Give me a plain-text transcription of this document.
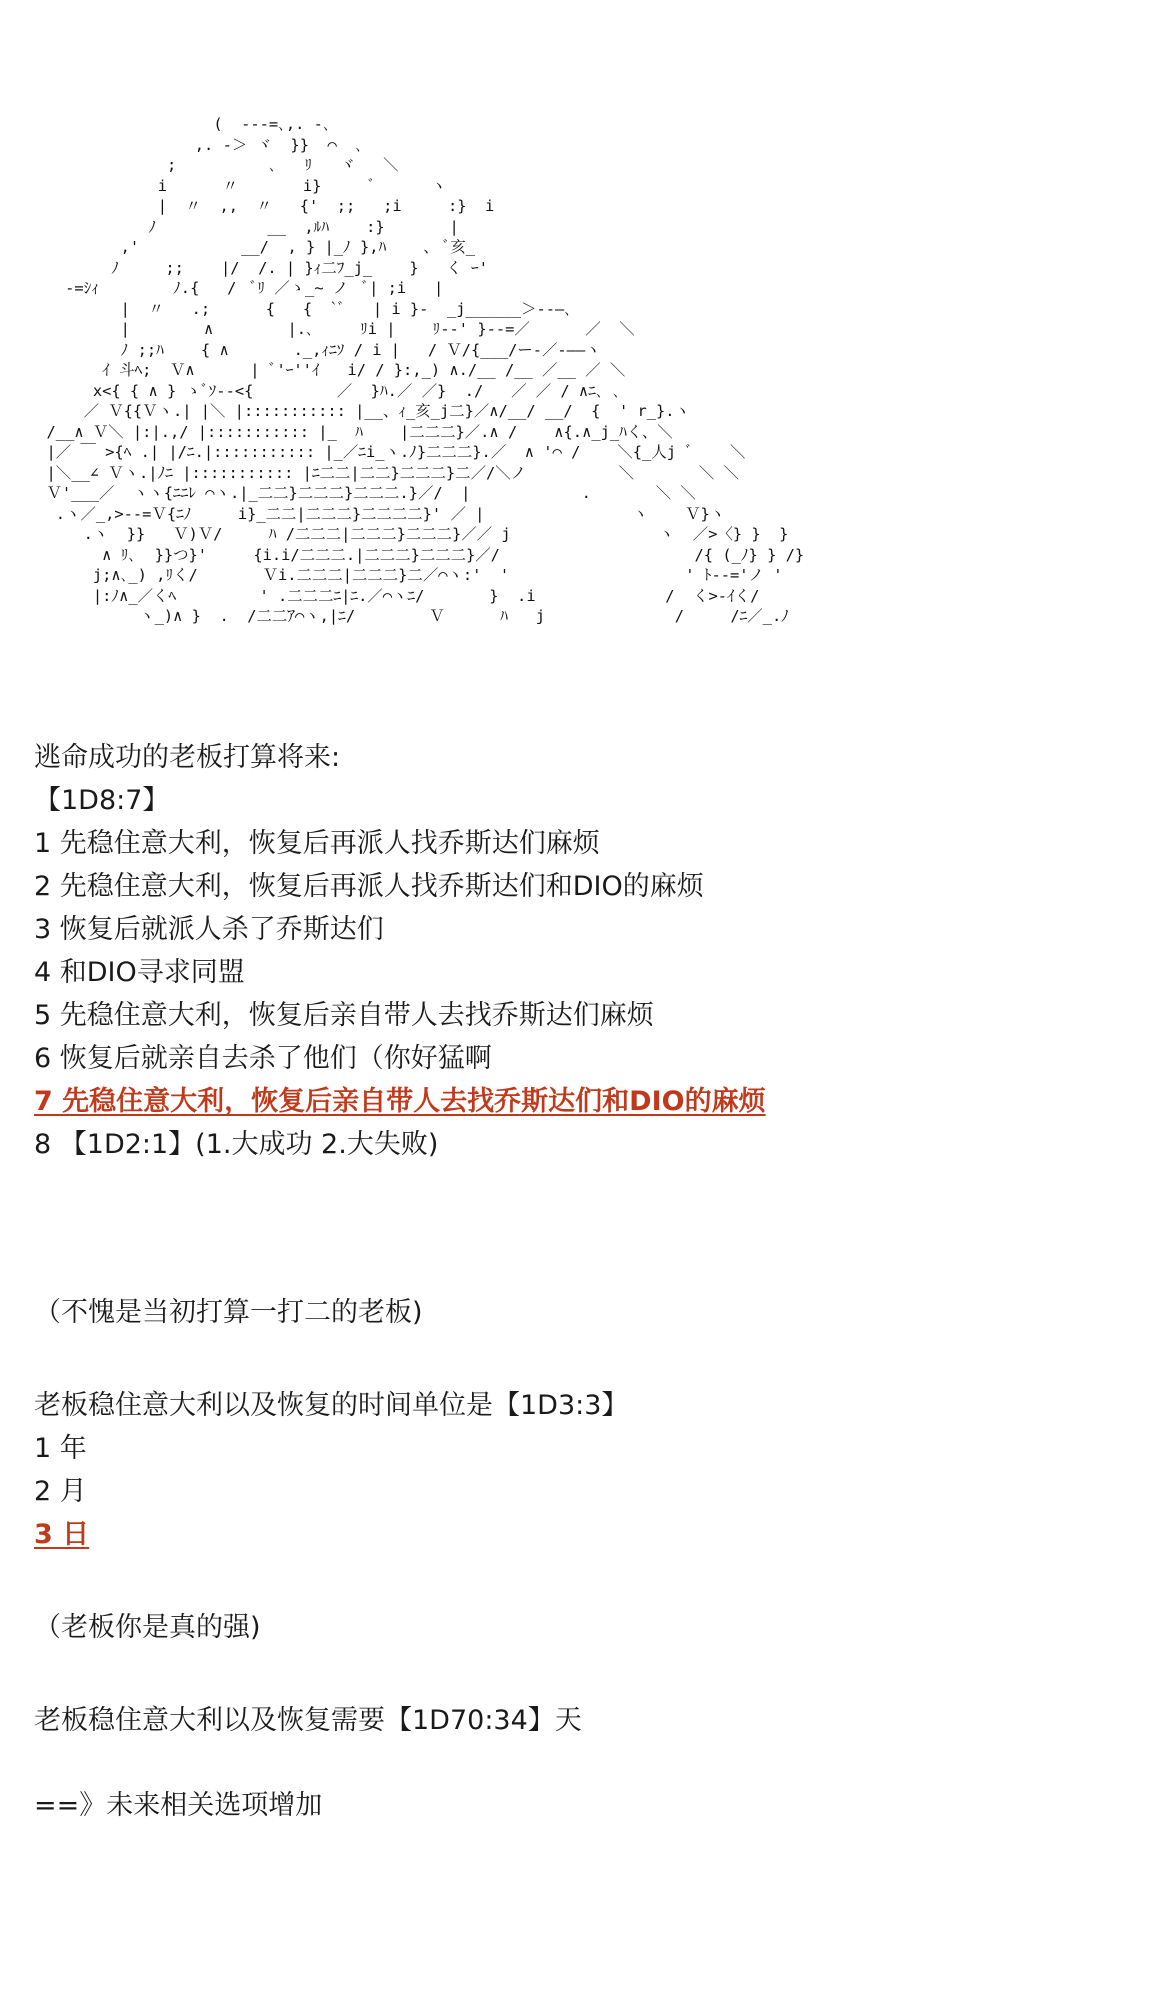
(  ---=､,. -､
,. -＞ ヾ  }}  ⌒  ､
;          ､   ﾘ   ヾ   ＼
i      〃       i}     ﾞ      ヽ
|  〃  ,,  〃   {'  ;;   ;i     :}  i
ﾉ            __  ,ﾙﾊ    :}       |
,'           __/  , } |_ﾉ },ﾊ    、 ﾞ亥_
ﾉ     ;;    |/  /. | }ｨ二ﾌ_j_    }   く ｰ'
‐=ｼｨ        ﾉ.{   /  ﾞﾘ ／ゝ_~ ノ  ﾞ| ;i   |
|  〃   .;      {   {  `ﾞ   | i }-  _j______＞--―､
|        ∧        |.､     ﾘi |    ﾘ--' }--=／      ／  ＼
ﾉ ;;ﾊ    { ∧       ._,ｨﾆｿ / i |   / Ｖ/{___/ー-／-――ヽ
ｲ 斗ﾍ;  Ｖ∧      | ﾞ'ｰ''ｲ   i/ / }:,_) ∧./__ /__ ／__ ／ ＼
x<{ { ∧ } ゝﾞｿ-‐<{         ／  }ﾊ.／ ／}  ./   ／ ／ / ∧ﾆ､ ､
／ Ｖ{{Ｖヽ.| |＼ |::::::::::: |__、ｨ_亥_j二}／∧/__/ __/  {  ' r_}.ヽ
/__∧ Ｖ＼ |:|.,/ |::::::::::: |_  ﾊ    |二二二}／.∧ /    ∧{.∧_j_ﾊく、＼
|／ ￣ >{ﾍ .| |/ﾆ.|::::::::::: |_／ﾆi_ヽ.ﾉ}二二二}.／  ∧ '⌒ /    ＼{_人j ﾞ    ＼
|＼__∠ Ｖヽ.|ﾉﾆ |::::::::::: |ﾆ二二|二二}二二二}二／/＼ノ          ＼       ＼ ＼
Ｖ'___／  ヽヽ{ﾆﾆﾚ ⌒ヽ.|_二二}二二二}二二二.}／/  |            .       ＼ ＼
.ヽ／_,>--=Ｖ{ﾆﾉ     i}_二二|二二二}二二二二}' ／ |                ヽ    Ｖ}ヽ
.ヽ  }}   Ｖ)Ｖ/     ﾊ /二二二|二二二}二二二}／／ j                ヽ  ／>〈} }  }
∧ ﾘ､  }}つ}'     {i.i/二二二.|二二二}二二二}／/                     /{ (_ﾉ} } /}
j;∧､_) ,ﾘく/       Ｖi.二二二|二二二}二／⌒ヽ:'  '                   ' ﾄ--='ノ '
|:ﾉ∧_／くﾍ         ' .二二二ﾆ|ﾆ.／⌒ヽﾆ/       }  .i              /  く>-ｲく/
ヽ_)∧ }  .  /二二ｱ⌒ヽ,|ﾆ/        Ｖ      ﾊ   j              /     /ﾆ／_.ﾉ
逃命成功的老板打算将来:
【1D8:7】
1 先稳住意大利，恢复后再派人找乔斯达们麻烦
2 先稳住意大利，恢复后再派人找乔斯达们和DIO的麻烦
3 恢复后就派人杀了乔斯达们
4 和DIO寻求同盟
5 先稳住意大利，恢复后亲自带人去找乔斯达们麻烦
6 恢复后就亲自去杀了他们（你好猛啊
7 先稳住意大利，恢复后亲自带人去找乔斯达们和DIO的麻烦
8 【1D2:1】(1.大成功 2.大失败)
（不愧是当初打算一打二的老板)
老板稳住意大利以及恢复的时间单位是【1D3:3】
1 年
2 月
3 日
（老板你是真的强)
老板稳住意大利以及恢复需要【1D70:34】天
==》未来相关选项增加
